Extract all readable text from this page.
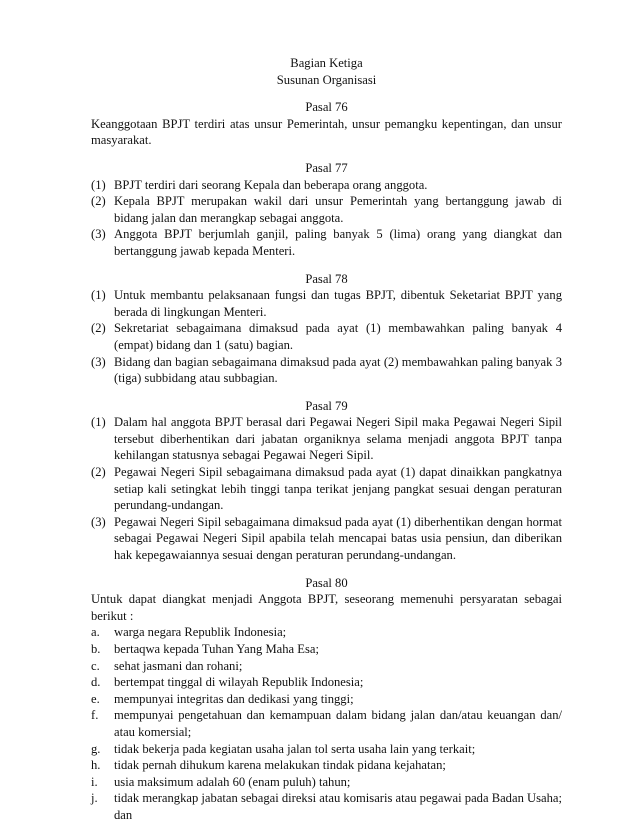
Bagian Ketiga

Susunan Organisasi

Pasal 76

Keanggotaan BPJT terdiri atas unsur Pemerintah, unsur pemangku kepentingan, dan unsur masyarakat.

Pasal 77

(1) BPJT terdiri dari seorang Kepala dan beberapa orang anggota.
(2) Kepala BPJT merupakan wakil dari unsur Pemerintah yang bertanggung jawab di bidang jalan dan merangkap sebagai anggota.
(3) Anggota BPJT berjumlah ganjil, paling banyak 5 (lima) orang yang diangkat dan bertanggung jawab kepada Menteri.

Pasal 78

(1) Untuk membantu pelaksanaan fungsi dan tugas BPJT, dibentuk Seketariat BPJT yang berada di lingkungan Menteri.
(2) Sekretariat sebagaimana dimaksud pada ayat (1) membawahkan paling banyak 4 (empat) bidang dan 1 (satu) bagian.
(3) Bidang dan bagian sebagaimana dimaksud pada ayat (2) membawahkan paling banyak 3 (tiga) subbidang atau subbagian.

Pasal 79

(1) Dalam hal anggota BPJT berasal dari Pegawai Negeri Sipil maka Pegawai Negeri Sipil tersebut diberhentikan dari jabatan organiknya selama menjadi anggota BPJT tanpa kehilangan statusnya sebagai Pegawai Negeri Sipil.
(2) Pegawai Negeri Sipil sebagaimana dimaksud pada ayat (1) dapat dinaikkan pangkatnya setiap kali setingkat lebih tinggi tanpa terikat jenjang pangkat sesuai dengan peraturan perundang-undangan.
(3) Pegawai Negeri Sipil sebagaimana dimaksud pada ayat (1) diberhentikan dengan hormat sebagai Pegawai Negeri Sipil apabila telah mencapai batas usia pensiun, dan diberikan hak kepegawaiannya sesuai dengan peraturan perundang-undangan.

Pasal 80

Untuk dapat diangkat menjadi Anggota BPJT, seseorang memenuhi persyaratan sebagai berikut :

a.	warga negara Republik Indonesia;
b.	bertaqwa kepada Tuhan Yang Maha Esa;
c.	sehat jasmani dan rohani;
d.	bertempat tinggal di wilayah Republik Indonesia;
e.	mempunyai integritas dan dedikasi yang tinggi;
f.	mempunyai pengetahuan dan kemampuan dalam bidang jalan dan/atau keuangan dan/ atau komersial;
g.	tidak bekerja pada kegiatan usaha jalan tol serta usaha lain yang terkait;
h.	tidak pernah dihukum karena melakukan tindak pidana kejahatan;
i.	usia maksimum adalah 60 (enam puluh) tahun;
j.	tidak merangkap jabatan sebagai direksi atau komisaris atau pegawai pada Badan Usaha; dan
